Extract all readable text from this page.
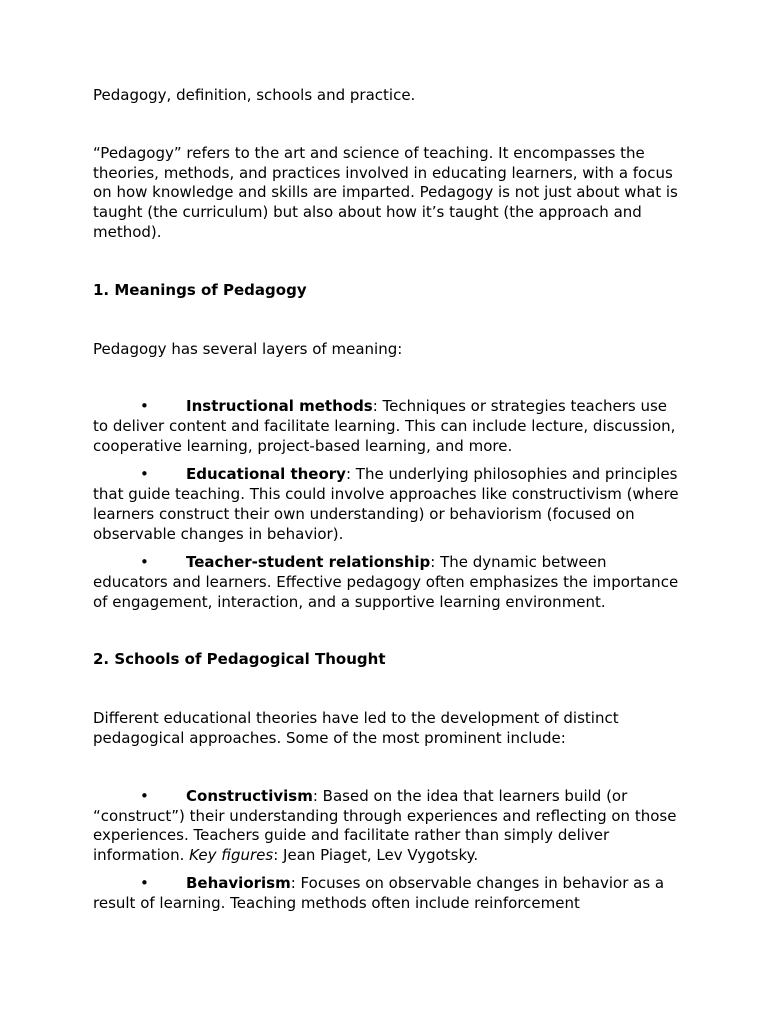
Pedagogy, definition, schools and practice.

“Pedagogy” refers to the art and science of teaching. It encompasses the theories, methods, and practices involved in educating learners, with a focus on how knowledge and skills are imparted. Pedagogy is not just about what is taught (the curriculum) but also about how it’s taught (the approach and method).

1. Meanings of Pedagogy

Pedagogy has several layers of meaning:

• Instructional methods: Techniques or strategies teachers use to deliver content and facilitate learning. This can include lecture, discussion, cooperative learning, project-based learning, and more.

• Educational theory: The underlying philosophies and principles that guide teaching. This could involve approaches like constructivism (where learners construct their own understanding) or behaviorism (focused on observable changes in behavior).

• Teacher-student relationship: The dynamic between educators and learners. Effective pedagogy often emphasizes the importance of engagement, interaction, and a supportive learning environment.

2. Schools of Pedagogical Thought

Different educational theories have led to the development of distinct pedagogical approaches. Some of the most prominent include:

• Constructivism: Based on the idea that learners build (or “construct”) their understanding through experiences and reflecting on those experiences. Teachers guide and facilitate rather than simply deliver information. Key figures: Jean Piaget, Lev Vygotsky.

• Behaviorism: Focuses on observable changes in behavior as a result of learning. Teaching methods often include reinforcement
